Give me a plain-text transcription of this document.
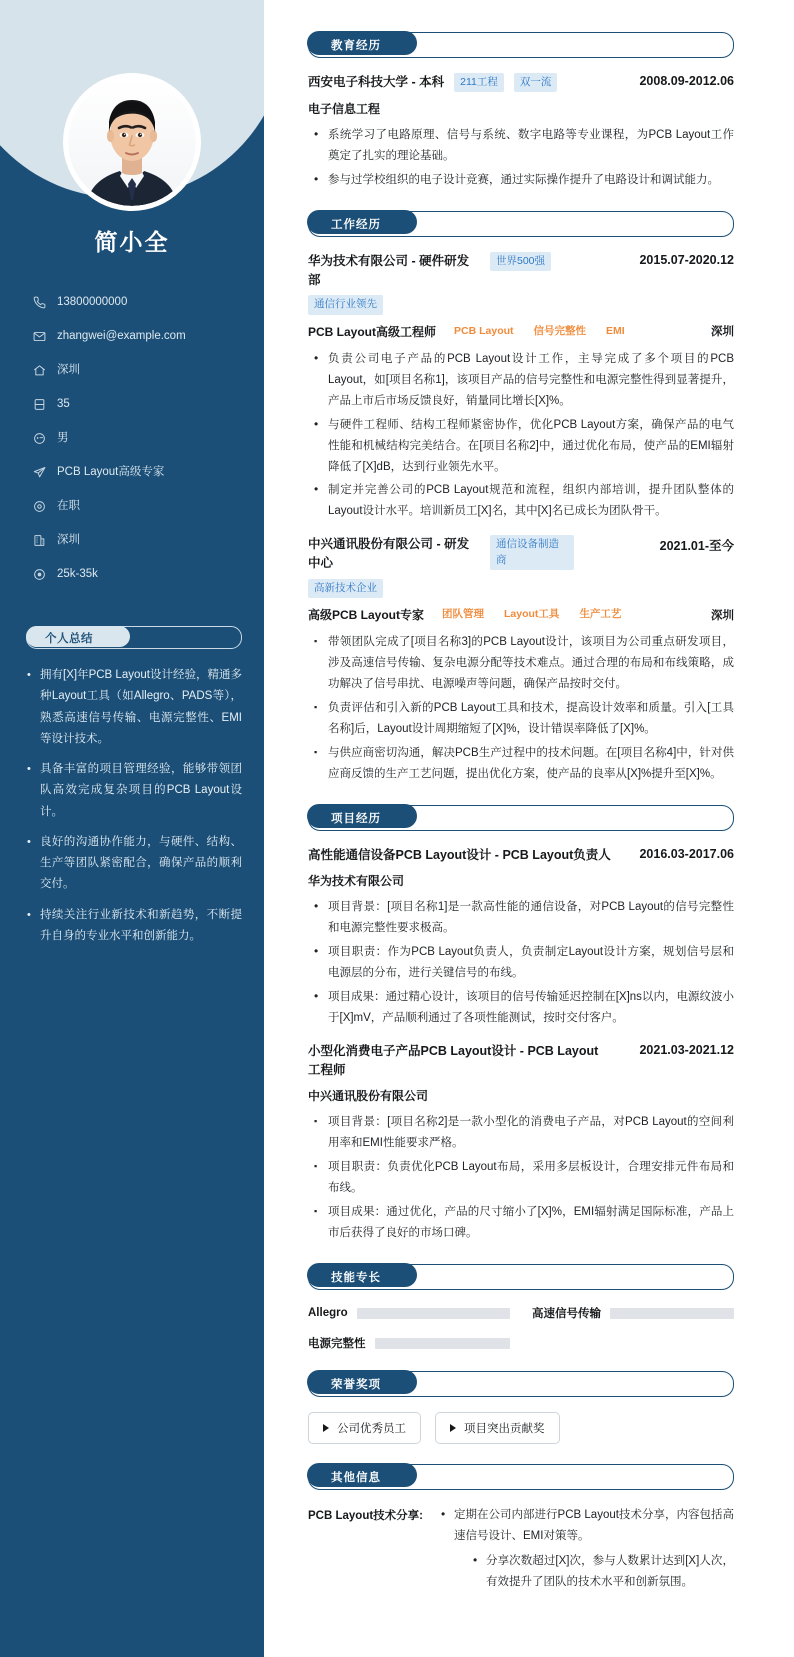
简小全
13800000000
zhangwei@example.com
深圳
35
男
PCB Layout高级专家
在职
深圳
25k-35k
个人总结
• 拥有[X]年PCB Layout设计经验，精通多种Layout工具（如Allegro、PADS等），熟悉高速信号传输、电源完整性、EMI等设计技术。
• 具备丰富的项目管理经验，能够带领团队高效完成复杂项目的PCB Layout设计。
• 良好的沟通协作能力，与硬件、结构、生产等团队紧密配合，确保产品的顺利交付。
• 持续关注行业新技术和新趋势，不断提升自身的专业水平和创新能力。
教育经历
西安电子科技大学 - 本科	211工程	双一流	2008.09-2012.06
电子信息工程
• 系统学习了电路原理、信号与系统、数字电路等专业课程，为PCB Layout工作奠定了扎实的理论基础。
• 参与过学校组织的电子设计竞赛，通过实际操作提升了电路设计和调试能力。
工作经历
华为技术有限公司 - 硬件研发部
世界500强
通信行业领先
2015.07-2020.12
PCB Layout高级工程师 PCB Layout 信号完整性 EMI	深圳
• 负责公司电子产品的PCB Layout设计工作，主导完成了多个项目的PCB Layout，如[项目名称1]，该项目产品的信号完整性和电源完整性得到显著提升，产品上市后市场反馈良好，销量同比增长[X]%。
• 与硬件工程师、结构工程师紧密协作，优化PCB Layout方案，确保产品的电气性能和机械结构完美结合。在[项目名称2]中，通过优化布局，使产品的EMI辐射降低了[X]dB，达到行业领先水平。
• 制定并完善公司的PCB Layout规范和流程，组织内部培训，提升团队整体的Layout设计水平。培训新员工[X]名，其中[X]名已成长为团队骨干。
中兴通讯股份有限公司 - 研发中心
通信设备制造商
高新技术企业
2021.01-至今
高级PCB Layout专家 团队管理 Layout工具 生产工艺	深圳
▪ 带领团队完成了[项目名称3]的PCB Layout设计，该项目为公司重点研发项目，涉及高速信号传输、复杂电源分配等技术难点。通过合理的布局和布线策略，成功解决了信号串扰、电源噪声等问题，确保产品按时交付。
▪ 负责评估和引入新的PCB Layout工具和技术，提高设计效率和质量。引入[工具名称]后，Layout设计周期缩短了[X]%，设计错误率降低了[X]%。
▪ 与供应商密切沟通，解决PCB生产过程中的技术问题。在[项目名称4]中，针对供应商反馈的生产工艺问题，提出优化方案，使产品的良率从[X]%提升至[X]%。
项目经历
高性能通信设备PCB Layout设计 - PCB Layout负责人 2016.03-2017.06
华为技术有限公司
• 项目背景：[项目名称1]是一款高性能的通信设备，对PCB Layout的信号完整性和电源完整性要求极高。
• 项目职责：作为PCB Layout负责人，负责制定Layout设计方案，规划信号层和电源层的分布，进行关键信号的布线。
• 项目成果：通过精心设计，该项目的信号传输延迟控制在[X]ns以内，电源纹波小于[X]mV，产品顺利通过了各项性能测试，按时交付客户。
小型化消费电子产品PCB Layout设计 - PCB Layout工程师
2021.03-2021.12
中兴通讯股份有限公司
▪ 项目背景：[项目名称2]是一款小型化的消费电子产品，对PCB Layout的空间利用率和EMI性能要求严格。
▪ 项目职责：负责优化PCB Layout布局，采用多层板设计，合理安排元件布局和布线。
▪ 项目成果：通过优化，产品的尺寸缩小了[X]%，EMI辐射满足国际标准，产品上市后获得了良好的市场口碑。
技能专长
Allegro	高速信号传输
电源完整性
荣誉奖项
公司优秀员工	项目突出贡献奖
其他信息
PCB Layout技术分享:	• 定期在公司内部进行PCB Layout技术分享，内容包括高速信号设计、EMI对策等。
• 分享次数超过[X]次，参与人数累计达到[X]人次，有效提升了团队的技术水平和创新氛围。
